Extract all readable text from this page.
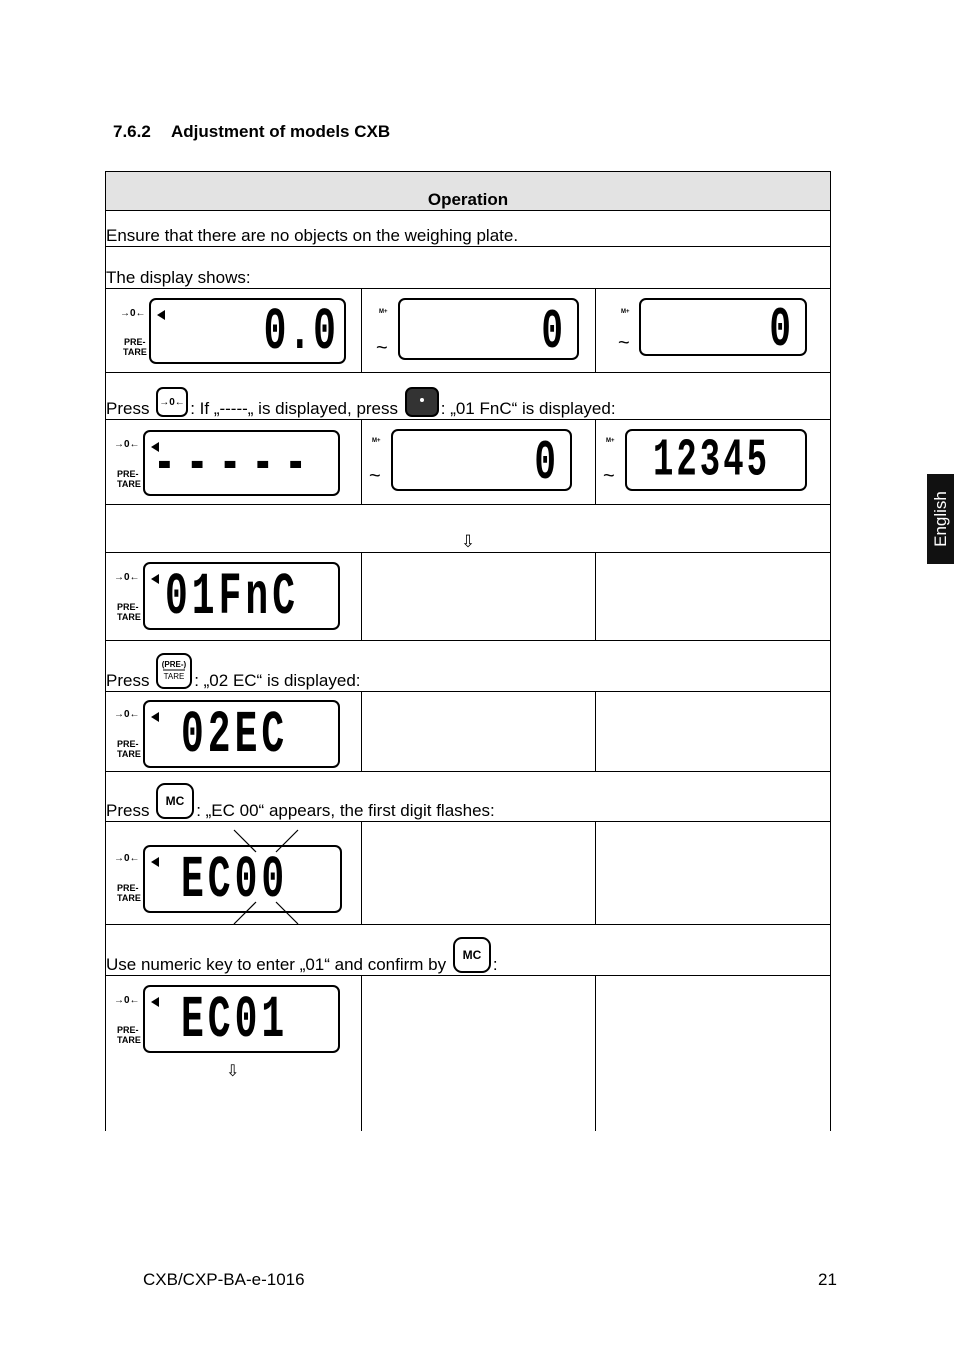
7.6.2 Adjustment of models CXB
Operation		
Ensure that there are no objects on the weighing plate.		
The display shows:		

→0←
PRE-
TARE 0.0	M+
~ 0	M+
~ 0

Press →0← : If „-----„ is displayed, press : „01 FnC“ is displayed:		

→0←
PRE-
TARE -----	M+
~ 0	M+
~ 12345

⇩		

→0←
PRE-
TARE 01FnC		

Press
(PRE-)
TARE : „02 EC“ is displayed:		

→0←
PRE-
TARE 02EC		

Press MC : „EC 00“ appears, the first digit flashes:		

→0←
PRE-
TARE EC00		

Use numeric key to enter „01“ and confirm by MC :		

→0←
PRE-
TARE EC01
⇩		

English
CXB/CXP-BA-e-1016	21
